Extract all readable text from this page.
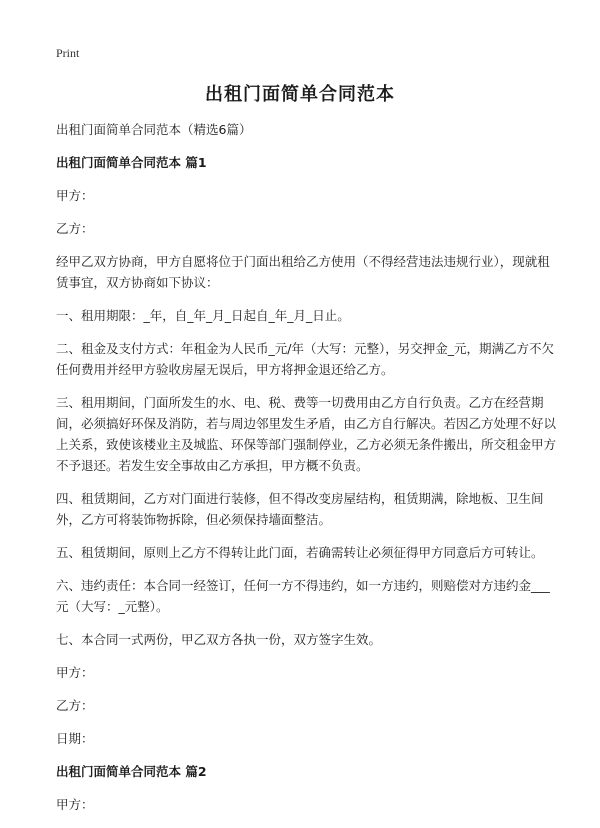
Print
出租门面简单合同范本

出租门面简单合同范本（精选6篇）

出租门面简单合同范本 篇1

甲方：

乙方：

经甲乙双方协商，甲方自愿将位于门面出租给乙方使用（不得经营违法违规行业），现就租赁事宜，双方协商如下协议：

一、租用期限：_年，自_年_月_日起自_年_月_日止。

二、租金及支付方式：年租金为人民币_元/年（大写：元整），另交押金_元，期满乙方不欠任何费用并经甲方验收房屋无误后，甲方将押金退还给乙方。

三、租用期间，门面所发生的水、电、税、费等一切费用由乙方自行负责。乙方在经营期间，必须搞好环保及消防，若与周边邻里发生矛盾，由乙方自行解决。若因乙方处理不好以上关系，致使该楼业主及城监、环保等部门强制停业，乙方必须无条件搬出，所交租金甲方不予退还。若发生安全事故由乙方承担，甲方概不负责。

四、租赁期间，乙方对门面进行装修，但不得改变房屋结构，租赁期满，除地板、卫生间外，乙方可将装饰物拆除，但必须保持墙面整洁。

五、租赁期间，原则上乙方不得转让此门面，若确需转让必须征得甲方同意后方可转让。

六、违约责任：本合同一经签订，任何一方不得违约，如一方违约，则赔偿对方违约金___元（大写：_元整）。

七、本合同一式两份，甲乙双方各执一份，双方签字生效。

甲方：

乙方：

日期：

出租门面简单合同范本 篇2

甲方：
